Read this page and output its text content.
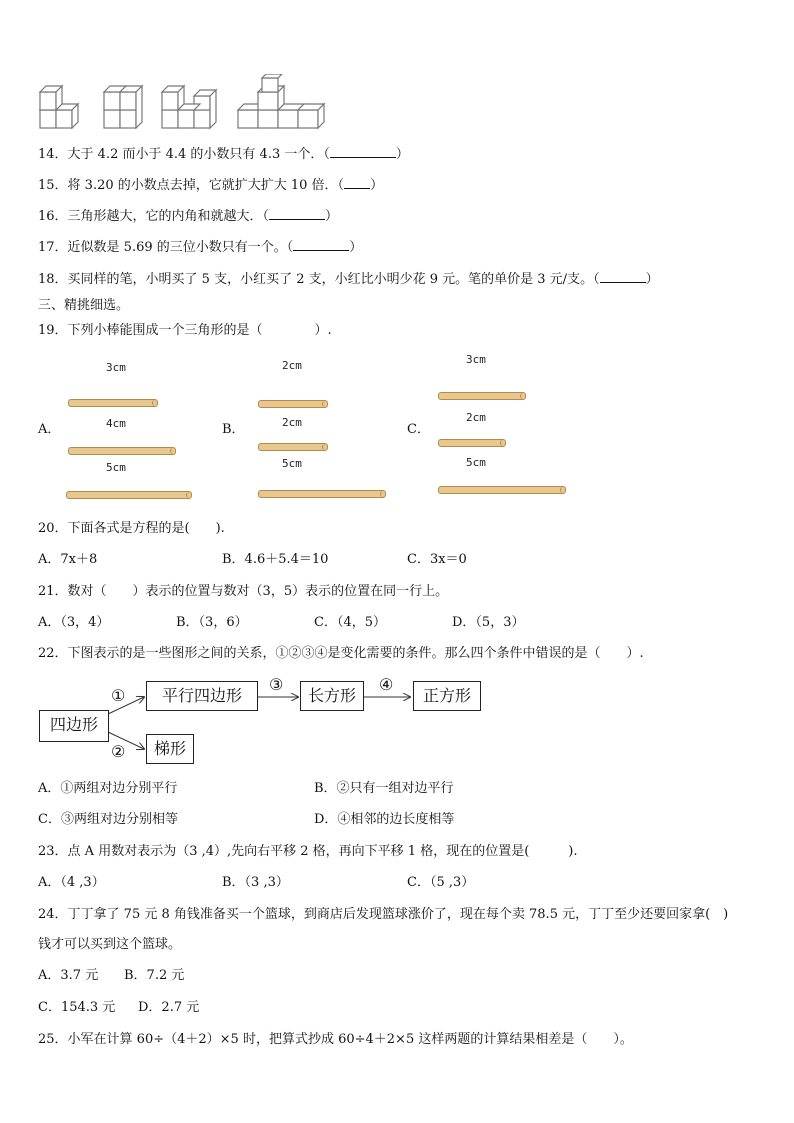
14．大于 4.2 而小于 4.4 的小数只有 4.3 一个．（	）
15．将 3.20 的小数点去掉，它就扩大扩大 10 倍．（ ）
16．三角形越大，它的内角和就越大．（	）
17．近似数是 5.69 的三位小数只有一个。（	）
18．买同样的笔，小明买了 5 支，小红买了 2 支，小红比小明少花 9 元。笔的单价是 3 元/支。（	）
三、精挑细选。
19．下列小棒能围成一个三角形的是（　　　　）.
A．
3cm
4cm
5cm
B．
2cm
2cm
5cm
C．
3cm
2cm
5cm
20．下面各式是方程的是(　　).
A．7x＋8	B．4.6＋5.4＝10	C．3x＝0
21．数对（　　）表示的位置与数对（3，5）表示的位置在同一行上。
A．（3，4）	B．（3，6）	C．（4，5）	D．（5，3）
22．下图表示的是一些图形之间的关系，①②③④是变化需要的条件。那么四个条件中错误的是（　　）.
四边形
平行四边形	长方形	正方形
梯形
①
②
③	④
A．①两组对边分别平行	B．②只有一组对边平行
C．③两组对边分别相等	D．④相邻的边长度相等
23．点 A 用数对表示为（3 ,4）,先向右平移 2 格，再向下平移 1 格，现在的位置是(　　　).
A．（4 ,3）	B．（3 ,3）	C．（5 ,3）
24．丁丁拿了 75 元 8 角钱准备买一个篮球，到商店后发现篮球涨价了，现在每个卖 78.5 元，丁丁至少还要回家拿(　)
钱才可以买到这个篮球。
A．3.7 元 B．7.2 元
C．154.3 元 D．2.7 元
25．小军在计算 60÷（4＋2）×5 时，把算式抄成 60÷4＋2×5 这样两题的计算结果相差是（　　）。
